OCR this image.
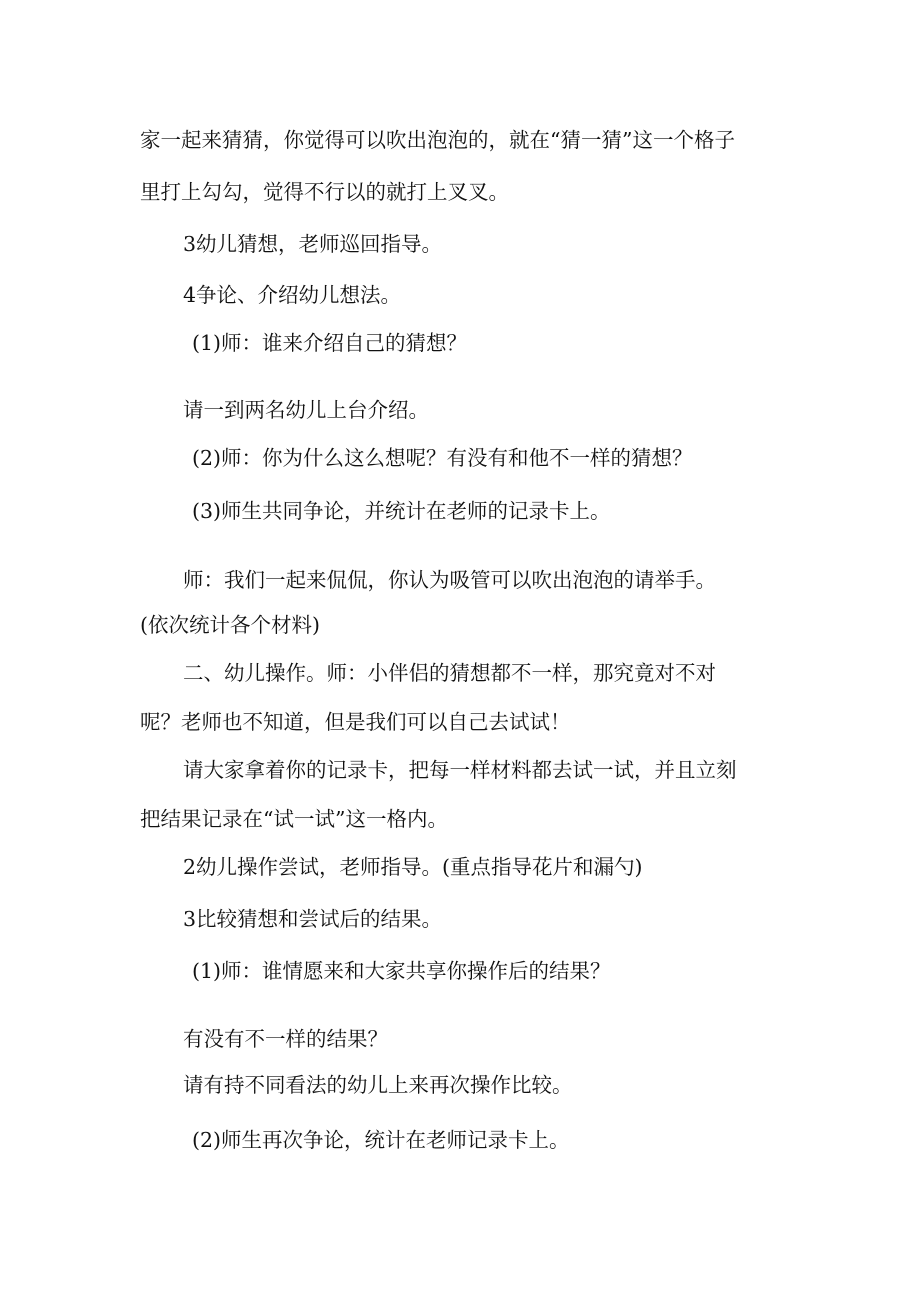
家一起来猜猜，你觉得可以吹出泡泡的，就在“猜一猜”这一个格子
里打上勾勾，觉得不行以的就打上叉叉。
3幼儿猜想，老师巡回指导。
4争论、介绍幼儿想法。
(1)师：谁来介绍自己的猜想？
请一到两名幼儿上台介绍。
(2)师：你为什么这么想呢？有没有和他不一样的猜想？
(3)师生共同争论，并统计在老师的记录卡上。
师：我们一起来侃侃，你认为吸管可以吹出泡泡的请举手。
(依次统计各个材料)
二、幼儿操作。师：小伴侣的猜想都不一样，那究竟对不对
呢？老师也不知道，但是我们可以自己去试试！
请大家拿着你的记录卡，把每一样材料都去试一试，并且立刻
把结果记录在“试一试”这一格内。
2幼儿操作尝试，老师指导。(重点指导花片和漏勺)
3比较猜想和尝试后的结果。
(1)师：谁情愿来和大家共享你操作后的结果？
有没有不一样的结果？
请有持不同看法的幼儿上来再次操作比较。
(2)师生再次争论，统计在老师记录卡上。
